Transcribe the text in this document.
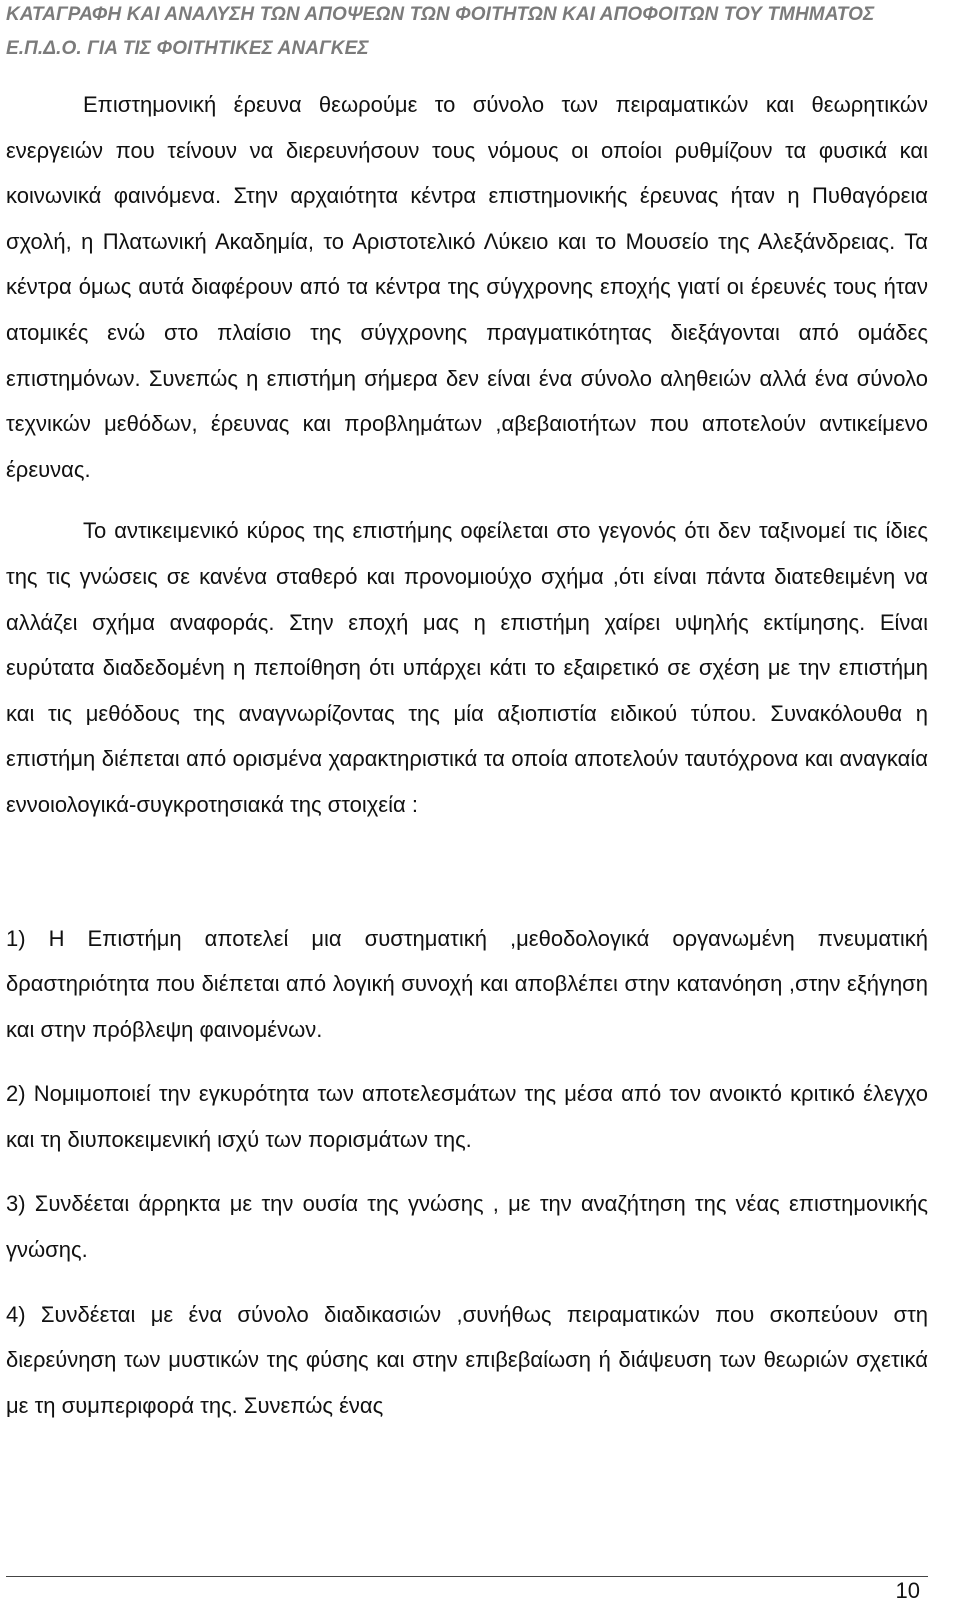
ΚΑΤΑΓΡΑΦΗ ΚΑΙ ΑΝΑΛΥΣΗ ΤΩΝ ΑΠΟΨΕΩΝ ΤΩΝ ΦΟΙΤΗΤΩΝ ΚΑΙ ΑΠΟΦΟΙΤΩΝ ΤΟΥ ΤΜΗΜΑΤΟΣ
Ε.Π.Δ.Ο. ΓΙΑ ΤΙΣ ΦΟΙΤΗΤΙΚΕΣ ΑΝΑΓΚΕΣ

Επιστημονική έρευνα θεωρούμε το σύνολο των πειραματικών και θεωρητικών ενεργειών που τείνουν να διερευνήσουν τους νόμους οι οποίοι ρυθμίζουν τα φυσικά και κοινωνικά φαινόμενα. Στην αρχαιότητα κέντρα επιστημονικής έρευνας ήταν η Πυθαγόρεια σχολή, η Πλατωνική Ακαδημία, το Αριστοτελικό Λύκειο και το Μουσείο της Αλεξάνδρειας. Τα κέντρα όμως αυτά διαφέρουν από τα κέντρα της σύγχρονης εποχής γιατί οι έρευνές τους ήταν ατομικές ενώ στο πλαίσιο της σύγχρονης πραγματικότητας διεξάγονται από ομάδες επιστημόνων. Συνεπώς η επιστήμη σήμερα δεν είναι ένα σύνολο αληθειών αλλά ένα σύνολο τεχνικών μεθόδων, έρευνας και προβλημάτων ,αβεβαιοτήτων που αποτελούν αντικείμενο έρευνας.

Το αντικειμενικό κύρος της επιστήμης οφείλεται στο γεγονός ότι δεν ταξινομεί τις ίδιες της τις γνώσεις σε κανένα σταθερό και προνομιούχο σχήμα ,ότι είναι πάντα διατεθειμένη να αλλάζει σχήμα αναφοράς. Στην εποχή μας η επιστήμη χαίρει υψηλής εκτίμησης. Είναι ευρύτατα διαδεδομένη η πεποίθηση ότι υπάρχει κάτι το εξαιρετικό σε σχέση με την επιστήμη και τις μεθόδους της αναγνωρίζοντας της μία αξιοπιστία ειδικού τύπου. Συνακόλουθα η επιστήμη διέπεται από ορισμένα χαρακτηριστικά τα οποία αποτελούν ταυτόχρονα και αναγκαία εννοιολογικά-συγκροτησιακά της στοιχεία :

1) Η Επιστήμη αποτελεί μια συστηματική ,μεθοδολογικά οργανωμένη πνευματική δραστηριότητα που διέπεται από λογική συνοχή και αποβλέπει στην κατανόηση ,στην εξήγηση και στην πρόβλεψη φαινομένων.

2) Νομιμοποιεί την εγκυρότητα των αποτελεσμάτων της μέσα από τον ανοικτό κριτικό έλεγχο και τη διυποκειμενική ισχύ των πορισμάτων της.

3) Συνδέεται άρρηκτα με την ουσία της γνώσης , με την αναζήτηση της νέας επιστημονικής γνώσης.

4) Συνδέεται με ένα σύνολο διαδικασιών ,συνήθως πειραματικών που σκοπεύουν στη διερεύνηση των μυστικών της φύσης και στην επιβεβαίωση ή διάψευση των θεωριών σχετικά με τη συμπεριφορά της. Συνεπώς ένας

10
